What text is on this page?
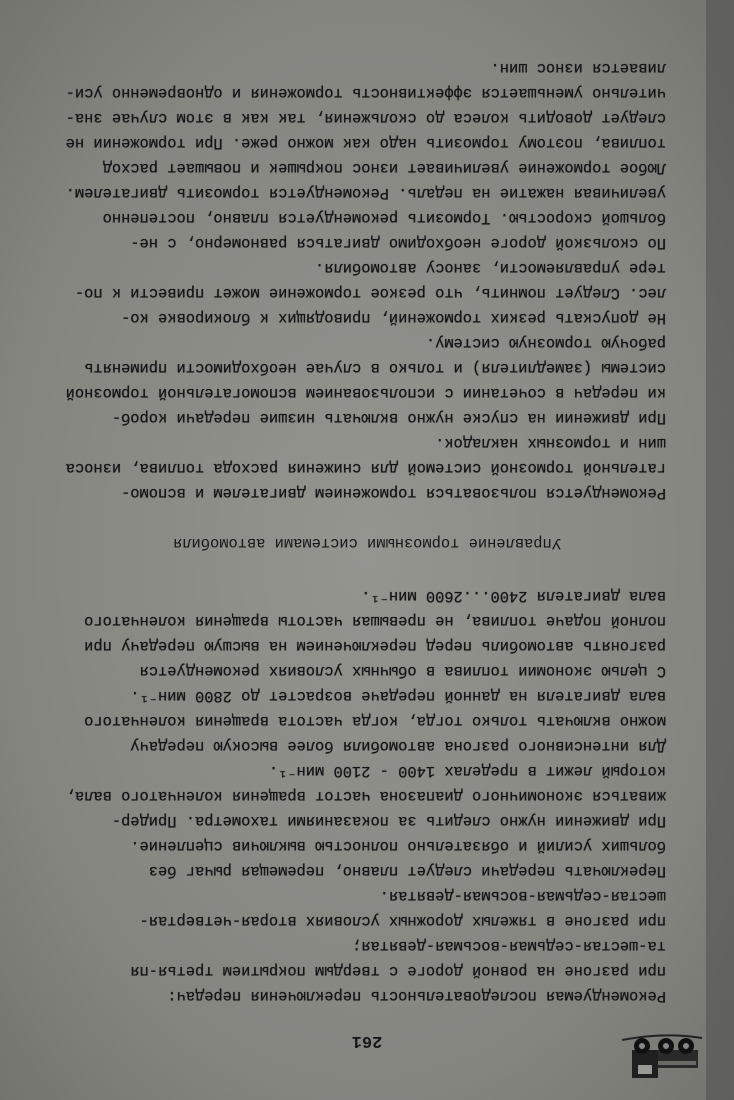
261

Рекомендуемая последовательность переключения передач:

при разгоне на ровной дороге с твердым покрытием третья-пя

та-шестая-седьмая-восьмая-девятая;

при разгоне в тяжелых дорожных условиях вторая-четвертая-

шестая-седьмая-восьмая-девятая.

Переключать передачи следует плавно, перемещая рычаг без

больших усилий и обязательно полностью выключив сцепление.

При движении нужно следить за показаниями тахометра. Придер-

живаться экономичного диапазона частот вращения коленчатого вала,

который лежит в пределах 1400 - 2100 мин⁻¹.

Для интенсивного разгона автомобиля более высокую передачу

можно включать только тогда, когда частота вращения коленчатого

вала двигателя на данной передаче возрастет до 2800 мин⁻¹.

С целью экономии топлива в обычных условиях рекомендуется

разгонять автомобиль перед переключением на высшую передачу при

полной подаче топлива, не превышая частоты вращения коленчатого

вала двигателя 2400...2600 мин⁻¹.

Управление тормозными системами автомобиля

Рекомендуется пользоваться торможением двигателем и вспомо-

гательной тормозной системой для снижения расхода топлива, износа

шин и тормозных накладок.

При движении на спуске нужно включать низшие передачи короб-

ки передач в сочетании с использованием вспомогательной тормозной

системы (замедлителя) и только в случае необходимости применять

рабочую тормозную систему.

Не допускать резких торможений, приводящих к блокировке ко-

лес. Следует помнить, что резкое торможение может привести к по-

тере управляемости, заносу автомобиля.

По скользкой дороге необходимо двигаться равномерно, с не-

большой скоростью. Тормозить рекомендуется плавно, постепенно

увеличивая нажатие на педаль. Рекомендуется тормозить двигателем.

Любое торможение увеличивает износ покрышек и повышает расход

топлива, поэтому тормозить надо как можно реже. При торможении не

следует доводить колеса до скольжения, так как в этом случае зна-

чительно уменьшается эффективность торможения и одновременно уси-

ливается износ шин.
